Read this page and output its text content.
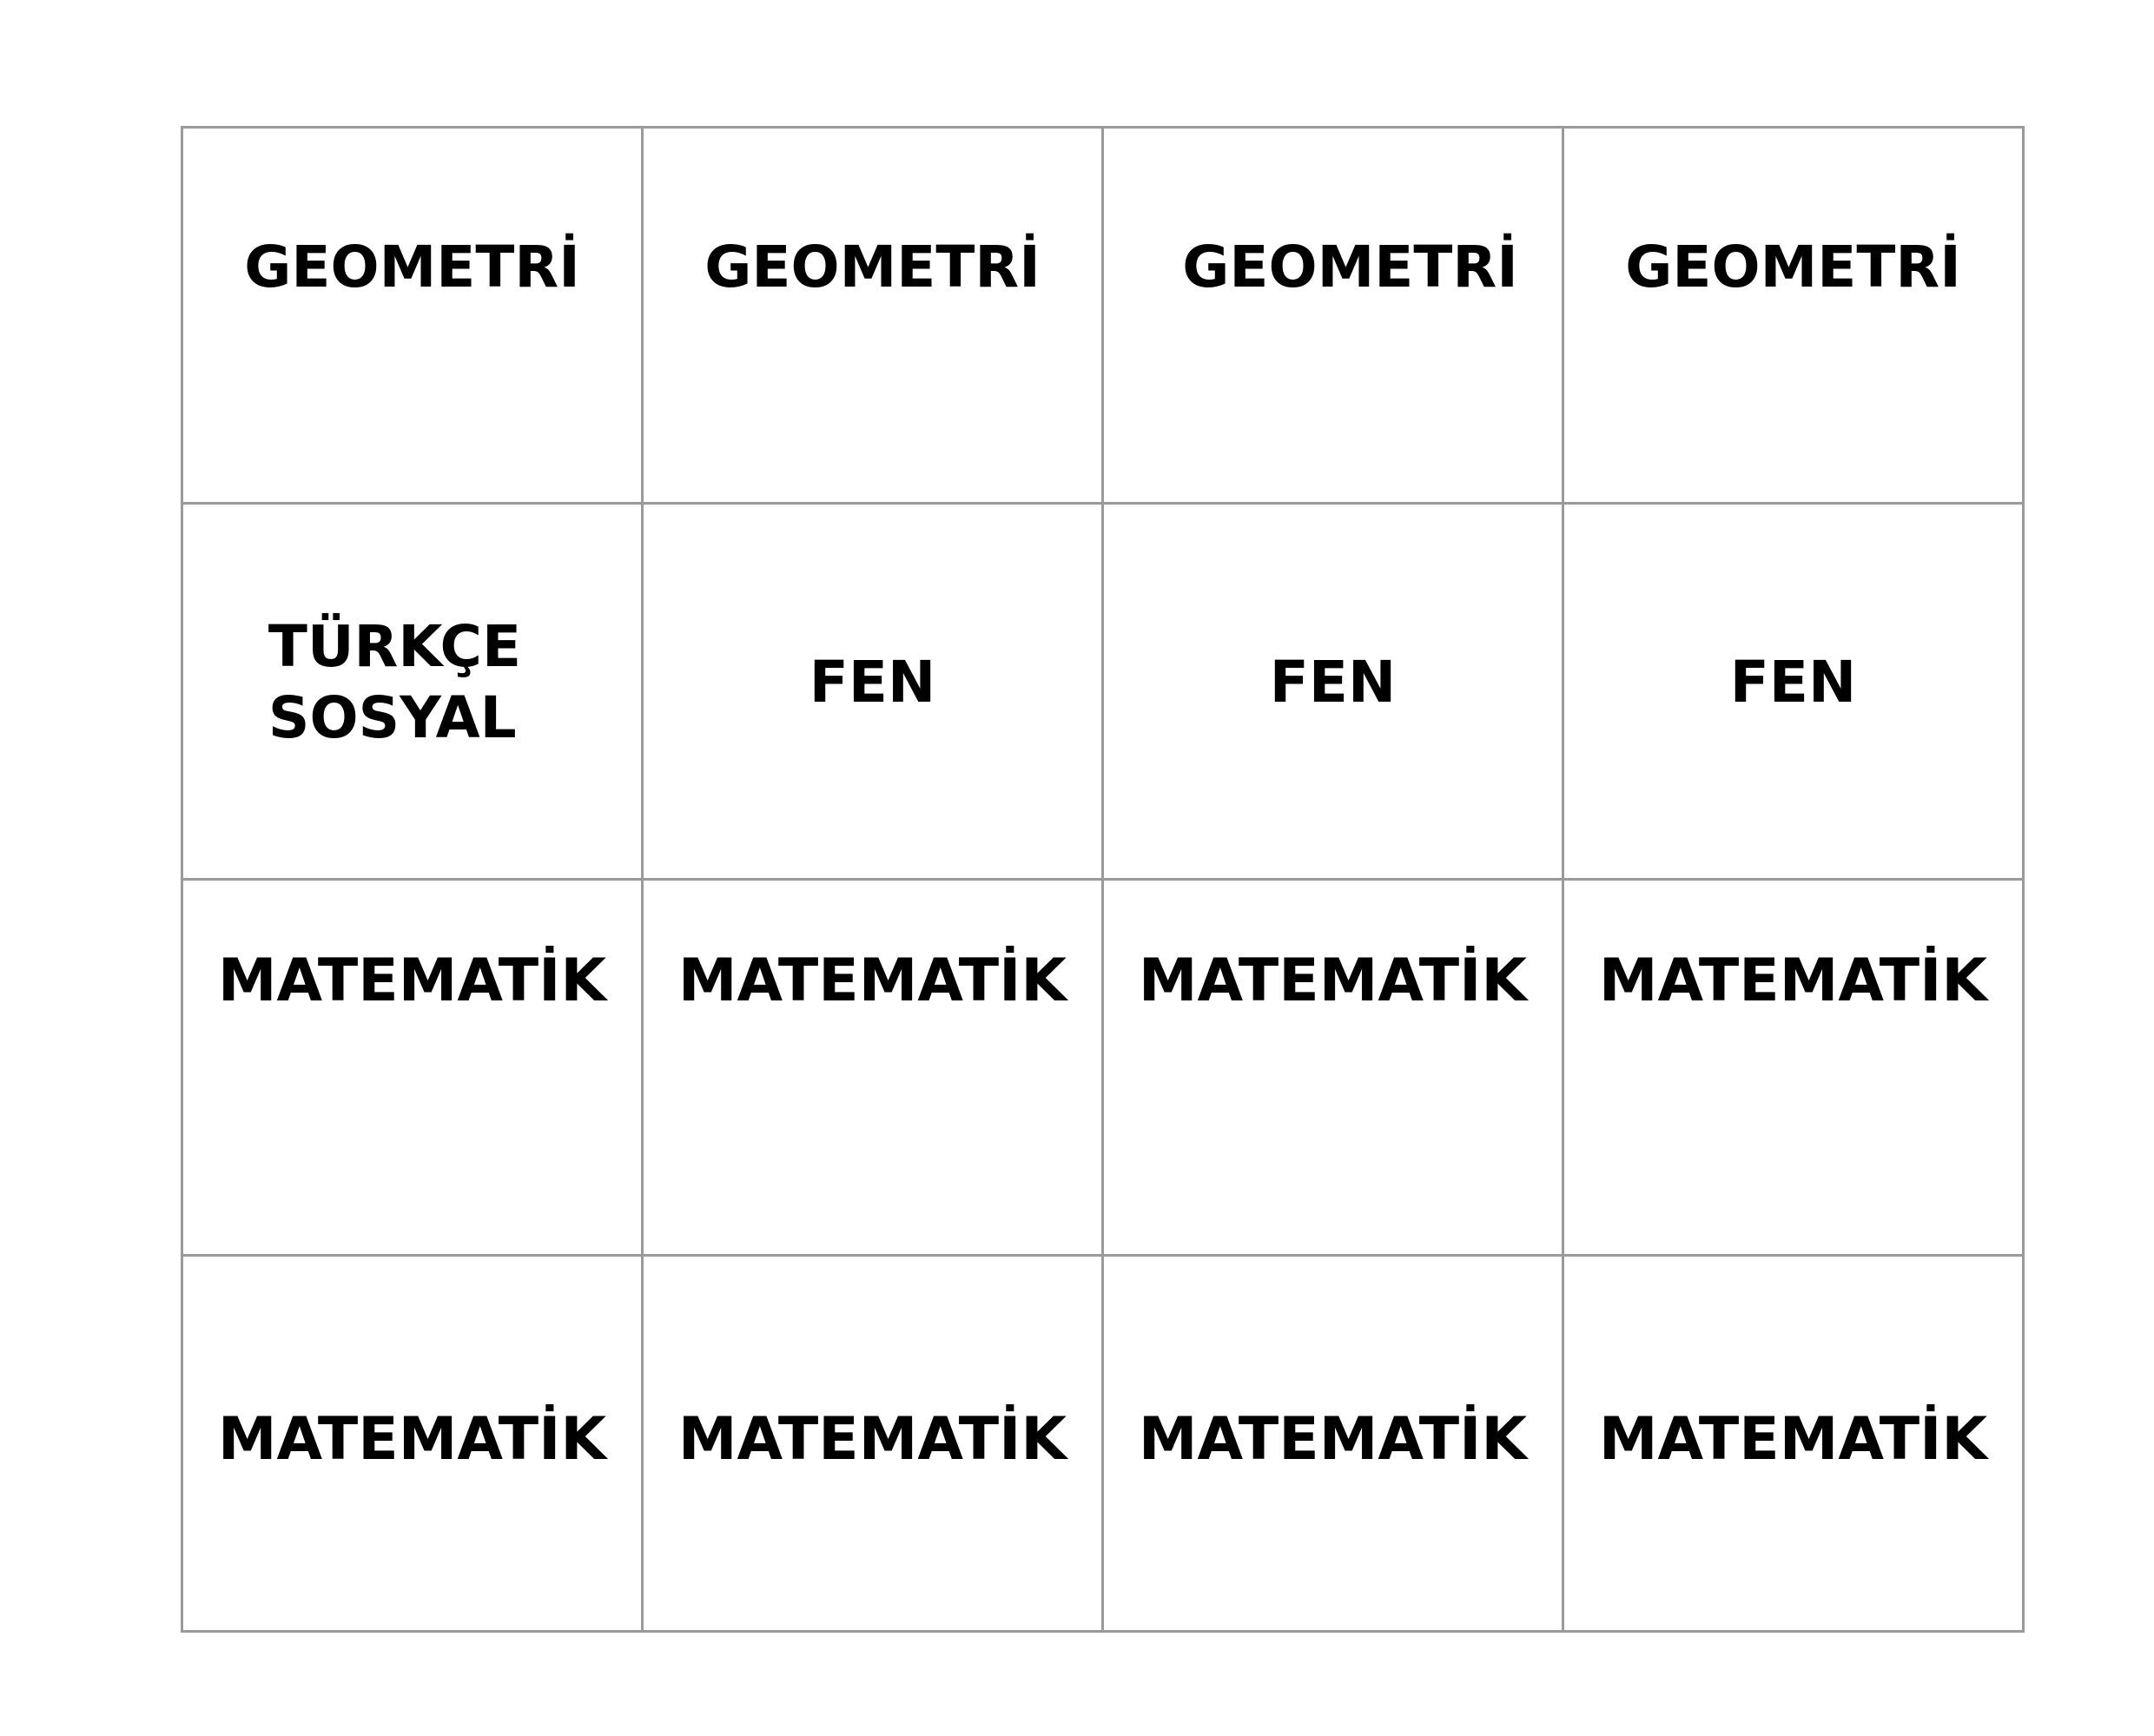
GEOMETRİ	GEOMETRİ	GEOMETRİ	GEOMETRİ

TÜRKÇE
SOSYAL	FEN	FEN	FEN

MATEMATİK	MATEMATİK	MATEMATİK	MATEMATİK

MATEMATİK	MATEMATİK	MATEMATİK	MATEMATİK
